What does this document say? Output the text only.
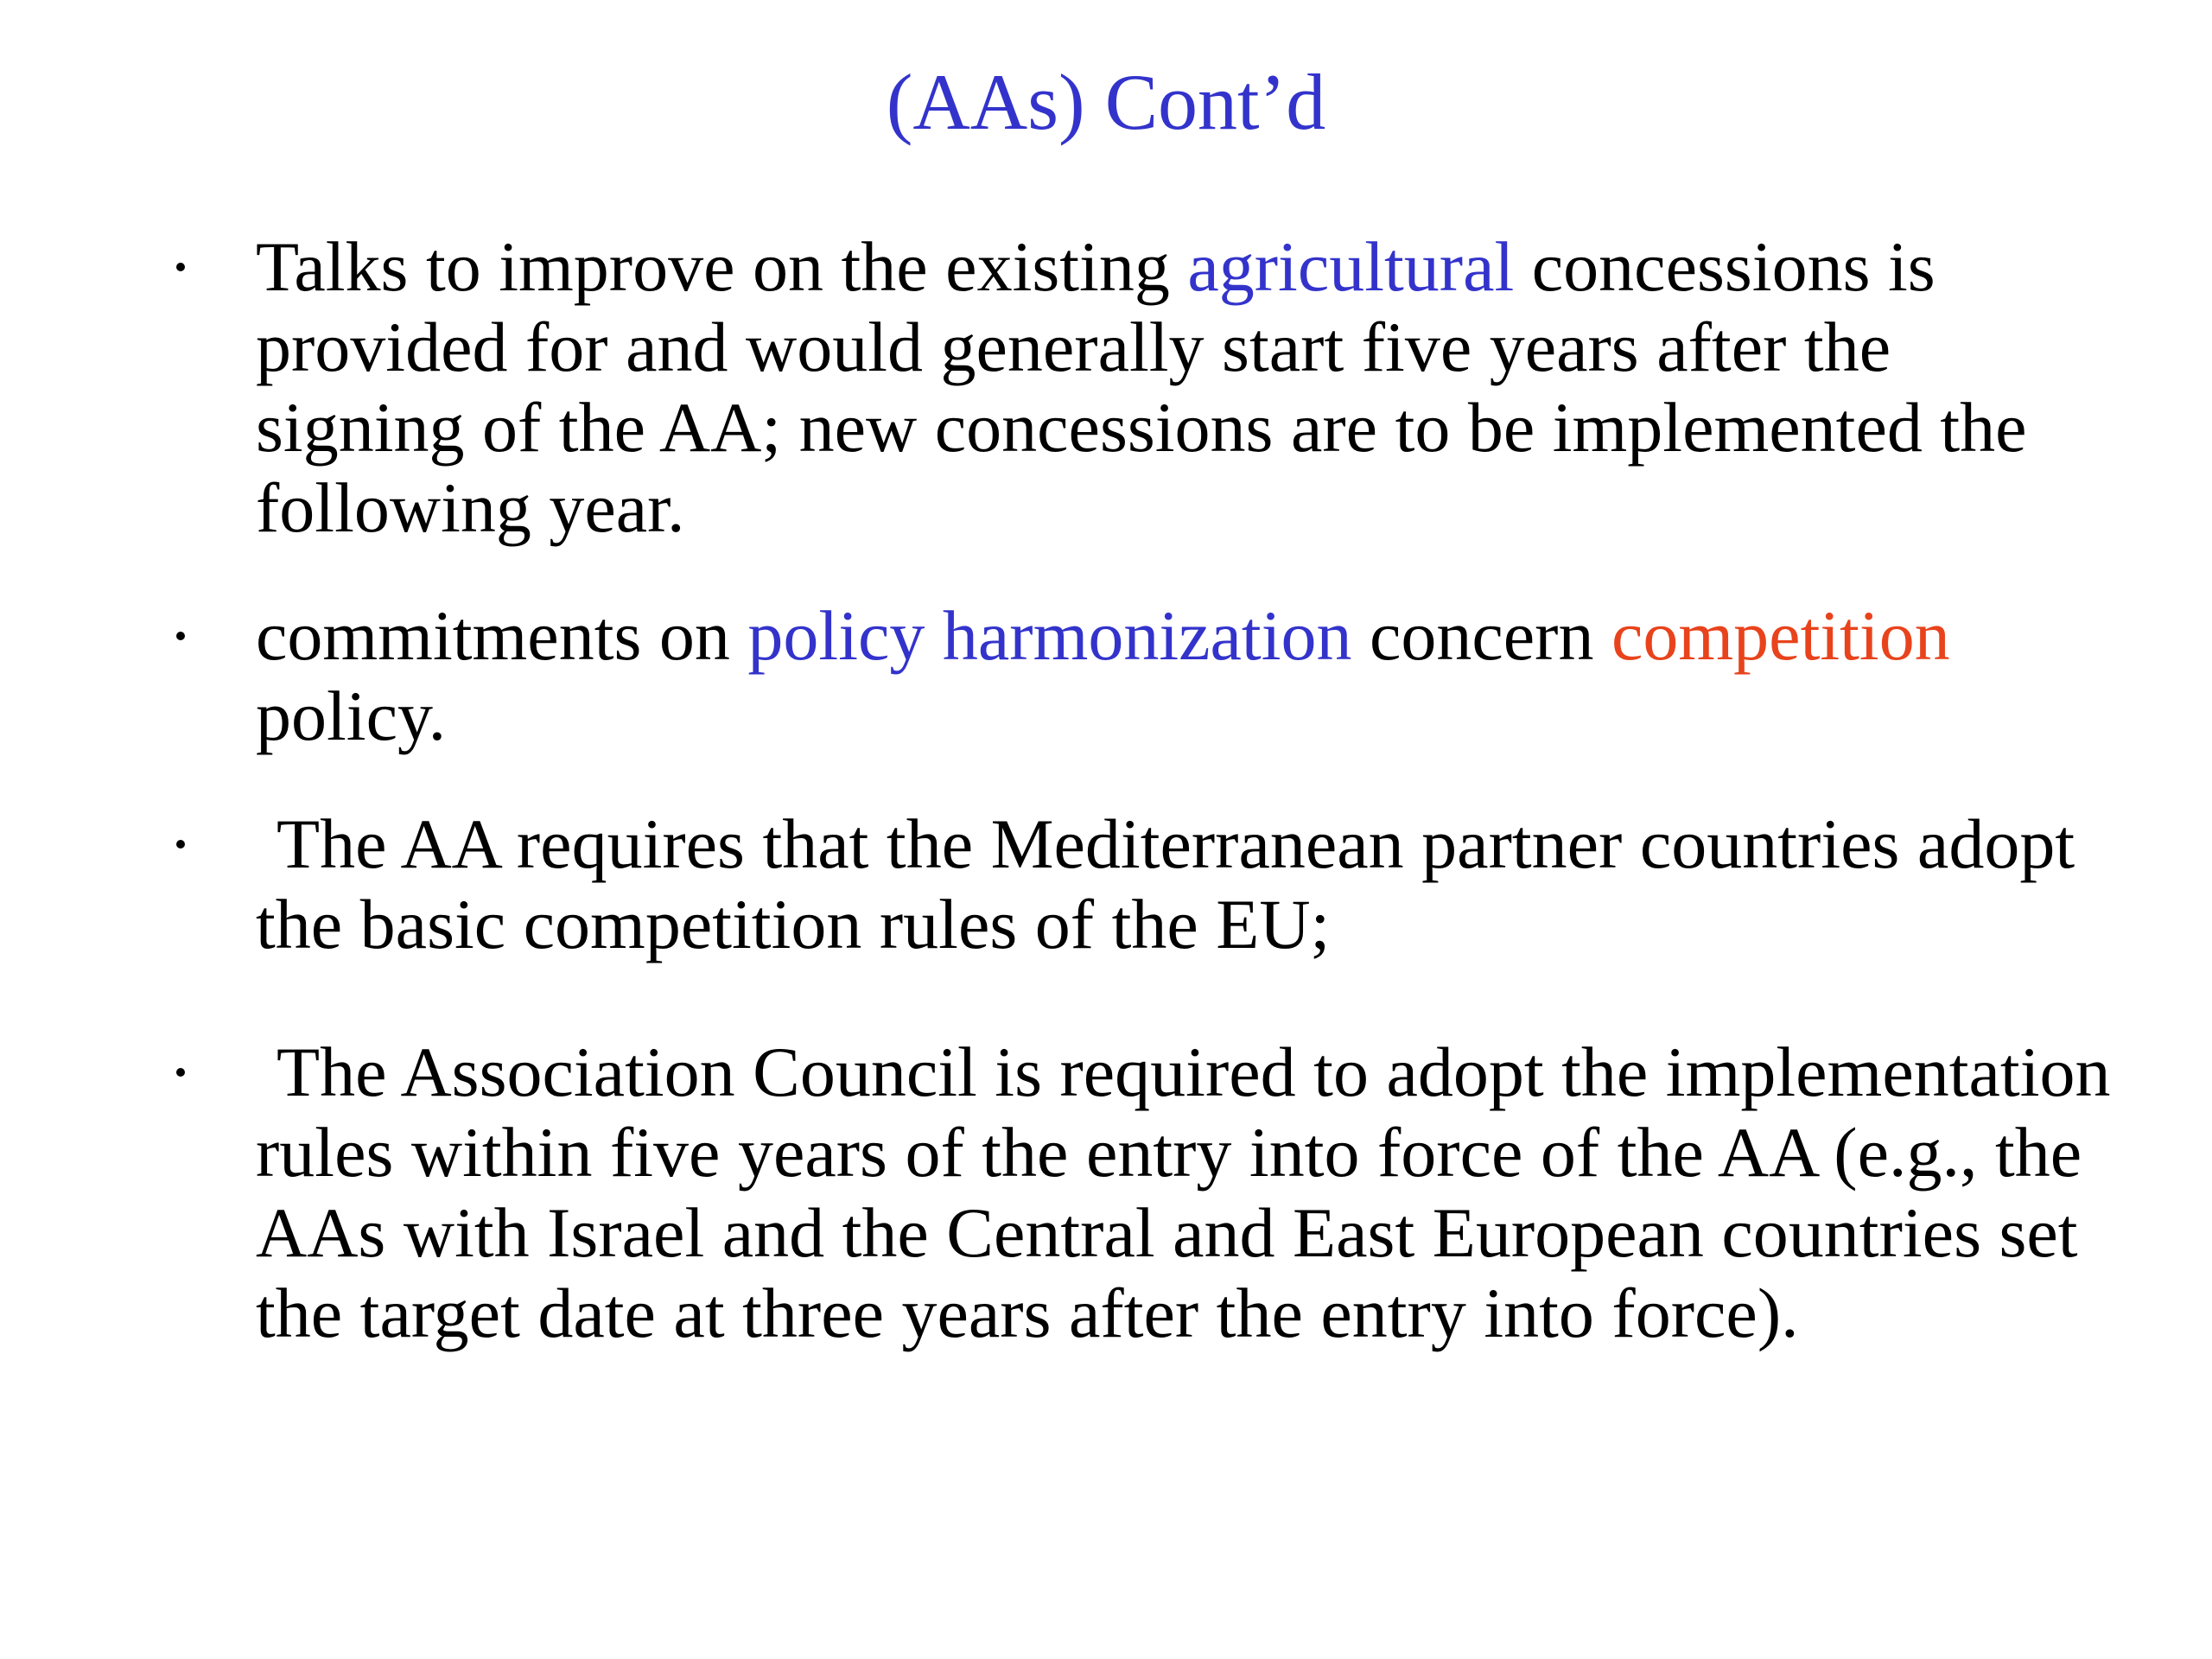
(AAs) Cont’d
Talks to improve on the existing agricultural concessions is provided for and would generally start five years after the signing of the AA; new concessions are to be implemented the following year.
commitments on policy harmonization concern competition policy.
The AA requires that the Mediterranean partner countries adopt the basic competition rules of the EU;
The Association Council is required to adopt the implementation rules within five years of the entry into force of the AA (e.g., the AAs with Israel and the Central and East European countries set the target date at three years after the entry into force).
